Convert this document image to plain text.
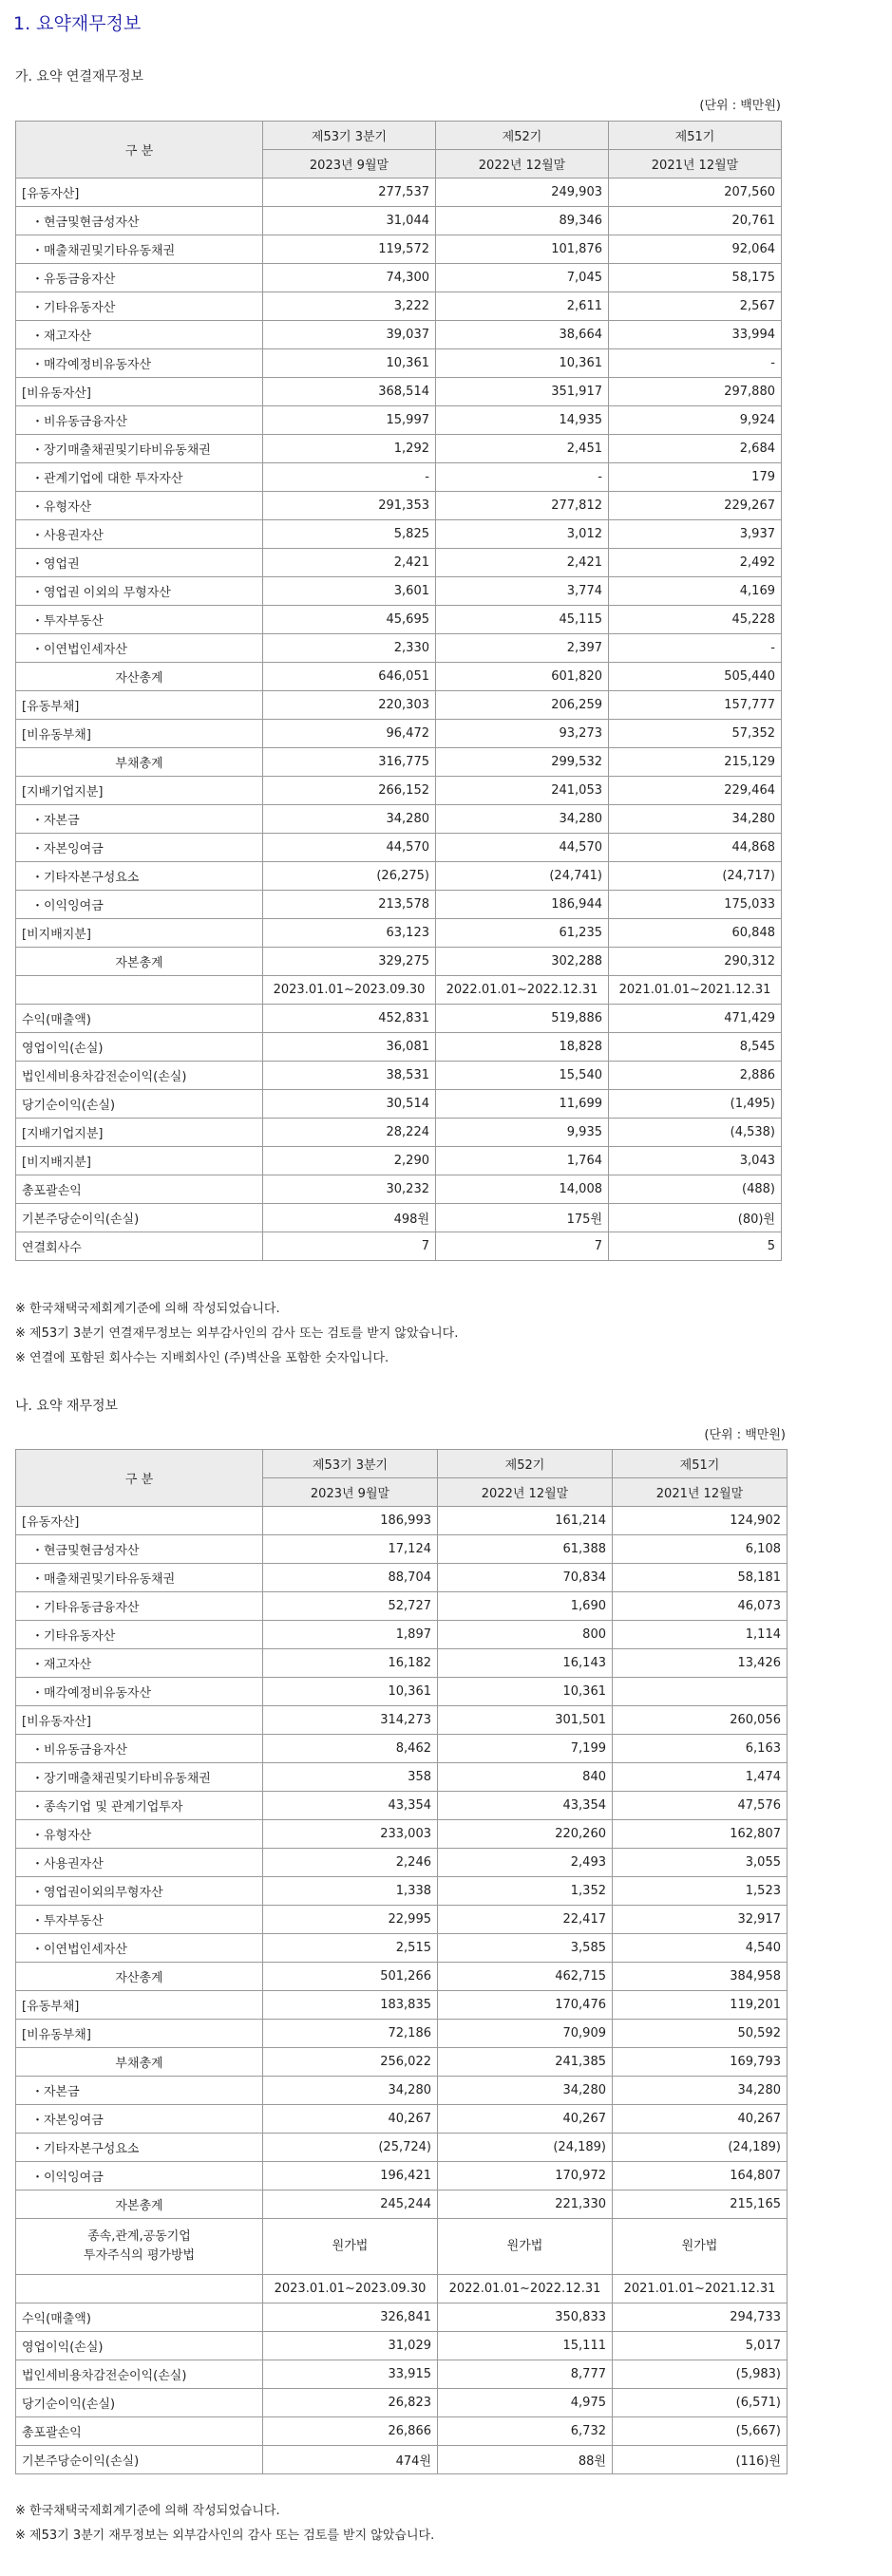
1. 요약재무정보
가. 요약 연결재무정보
(단위 : 백만원)
구 분	제53기 3분기	제52기	제51기
	2023년 9월말	2022년 12월말	2021년 12월말
[유동자산]	277,537	249,903	207,560
・현금및현금성자산	31,044	89,346	20,761
・매출채권및기타유동채권	119,572	101,876	92,064
・유동금융자산	74,300	7,045	58,175
・기타유동자산	3,222	2,611	2,567
・재고자산	39,037	38,664	33,994
・매각예정비유동자산	10,361	10,361	-
[비유동자산]	368,514	351,917	297,880
・비유동금융자산	15,997	14,935	9,924
・장기매출채권및기타비유동채권	1,292	2,451	2,684
・관계기업에 대한 투자자산	-	-	179
・유형자산	291,353	277,812	229,267
・사용권자산	5,825	3,012	3,937
・영업권	2,421	2,421	2,492
・영업권 이외의 무형자산	3,601	3,774	4,169
・투자부동산	45,695	45,115	45,228
・이연법인세자산	2,330	2,397	-
자산총계	646,051	601,820	505,440
[유동부채]	220,303	206,259	157,777
[비유동부채]	96,472	93,273	57,352
부채총계	316,775	299,532	215,129
[지배기업지분]	266,152	241,053	229,464
・자본금	34,280	34,280	34,280
・자본잉여금	44,570	44,570	44,868
・기타자본구성요소	(26,275)	(24,741)	(24,717)
・이익잉여금	213,578	186,944	175,033
[비지배지분]	63,123	61,235	60,848
자본총계	329,275	302,288	290,312
	2023.01.01~2023.09.30	2022.01.01~2022.12.31	2021.01.01~2021.12.31
수익(매출액)	452,831	519,886	471,429
영업이익(손실)	36,081	18,828	8,545
법인세비용차감전순이익(손실)	38,531	15,540	2,886
당기순이익(손실)	30,514	11,699	(1,495)
[지배기업지분]	28,224	9,935	(4,538)
[비지배지분]	2,290	1,764	3,043
총포괄손익	30,232	14,008	(488)
기본주당순이익(손실)	498원	175원	(80)원
연결회사수	7	7	5
※ 한국채택국제회계기준에 의해 작성되었습니다.
※ 제53기 3분기 연결재무정보는 외부감사인의 감사 또는 검토를 받지 않았습니다.
※ 연결에 포함된 회사수는 지배회사인 (주)벽산을 포함한 숫자입니다.
나. 요약 재무정보
(단위 : 백만원)
구 분	제53기 3분기	제52기	제51기
	2023년 9월말	2022년 12월말	2021년 12월말
[유동자산]	186,993	161,214	124,902
・현금및현금성자산	17,124	61,388	6,108
・매출채권및기타유동채권	88,704	70,834	58,181
・기타유동금융자산	52,727	1,690	46,073
・기타유동자산	1,897	800	1,114
・재고자산	16,182	16,143	13,426
・매각예정비유동자산	10,361	10,361	
[비유동자산]	314,273	301,501	260,056
・비유동금융자산	8,462	7,199	6,163
・장기매출채권및기타비유동채권	358	840	1,474
・종속기업 및 관계기업투자	43,354	43,354	47,576
・유형자산	233,003	220,260	162,807
・사용권자산	2,246	2,493	3,055
・영업권이외의무형자산	1,338	1,352	1,523
・투자부동산	22,995	22,417	32,917
・이연법인세자산	2,515	3,585	4,540
자산총계	501,266	462,715	384,958
[유동부채]	183,835	170,476	119,201
[비유동부채]	72,186	70,909	50,592
부채총계	256,022	241,385	169,793
・자본금	34,280	34,280	34,280
・자본잉여금	40,267	40,267	40,267
・기타자본구성요소	(25,724)	(24,189)	(24,189)
・이익잉여금	196,421	170,972	164,807
자본총계	245,244	221,330	215,165

종속,관계,공동기업
투자주식의 평가방법	원가법	원가법	원가법
	2023.01.01~2023.09.30	2022.01.01~2022.12.31	2021.01.01~2021.12.31
수익(매출액)	326,841	350,833	294,733
영업이익(손실)	31,029	15,111	5,017
법인세비용차감전순이익(손실)	33,915	8,777	(5,983)
당기순이익(손실)	26,823	4,975	(6,571)
총포괄손익	26,866	6,732	(5,667)
기본주당순이익(손실)	474원	88원	(116)원
※ 한국채택국제회계기준에 의해 작성되었습니다.
※ 제53기 3분기 재무정보는 외부감사인의 감사 또는 검토를 받지 않았습니다.
